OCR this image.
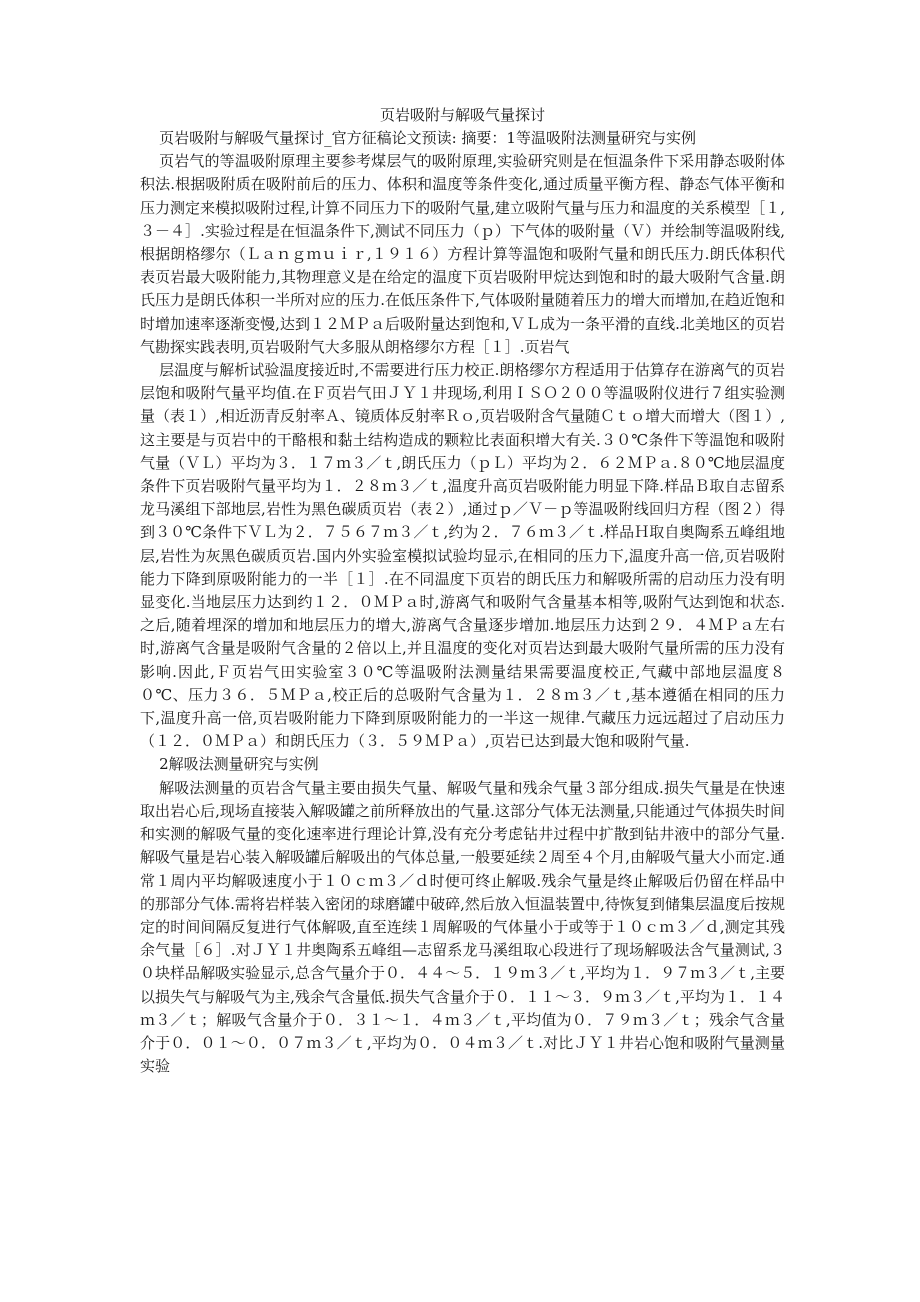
页岩吸附与解吸气量探讨

页岩吸附与解吸气量探讨_官方征稿论文预读: 摘要：1等温吸附法测量研究与实例

页岩气的等温吸附原理主要参考煤层气的吸附原理,实验研究则是在恒温条件下采用静态吸附体积法.根据吸附质在吸附前后的压力、体积和温度等条件变化,通过质量平衡方程、静态气体平衡和压力测定来模拟吸附过程,计算不同压力下的吸附气量,建立吸附气量与压力和温度的关系模型［１,３－４］.实验过程是在恒温条件下,测试不同压力（ｐ）下气体的吸附量（Ｖ）并绘制等温吸附线,根据朗格缪尔（Ｌａｎｇｍｕｉｒ,１９１６）方程计算等温饱和吸附气量和朗氏压力.朗氏体积代表页岩最大吸附能力,其物理意义是在给定的温度下页岩吸附甲烷达到饱和时的最大吸附气含量.朗氏压力是朗氏体积一半所对应的压力.在低压条件下,气体吸附量随着压力的增大而增加,在趋近饱和时增加速率逐渐变慢,达到１２ＭＰａ后吸附量达到饱和,ＶＬ成为一条平滑的直线.北美地区的页岩气勘探实践表明,页岩吸附气大多服从朗格缪尔方程［１］.页岩气

层温度与解析试验温度接近时,不需要进行压力校正.朗格缪尔方程适用于估算存在游离气的页岩层饱和吸附气量平均值.在Ｆ页岩气田ＪＹ１井现场,利用ＩＳＯ２００等温吸附仪进行７组实验测量（表１）,相近沥青反射率Ａ、镜质体反射率Ｒｏ,页岩吸附含气量随Ｃｔｏ增大而增大（图１）,这主要是与页岩中的干酪根和黏土结构造成的颗粒比表面积增大有关.３０℃条件下等温饱和吸附气量（ＶＬ）平均为３．１７ｍ３／ｔ,朗氏压力（ｐＬ）平均为２．６２ＭＰａ.８０℃地层温度条件下页岩吸附气量平均为１．２８ｍ３／ｔ,温度升高页岩吸附能力明显下降.样品Ｂ取自志留系龙马溪组下部地层,岩性为黑色碳质页岩（表２）,通过ｐ／Ｖ－ｐ等温吸附线回归方程（图２）得到３０℃条件下ＶＬ为２．７５６７ｍ３／ｔ,约为２．７６ｍ３／ｔ.样品Ｈ取自奥陶系五峰组地层,岩性为灰黑色碳质页岩.国内外实验室模拟试验均显示,在相同的压力下,温度升高一倍,页岩吸附能力下降到原吸附能力的一半［１］.在不同温度下页岩的朗氏压力和解吸所需的启动压力没有明显变化.当地层压力达到约１２．０ＭＰａ时,游离气和吸附气含量基本相等,吸附气达到饱和状态.之后,随着埋深的增加和地层压力的增大,游离气含量逐步增加.地层压力达到２９．４ＭＰａ左右时,游离气含量是吸附气含量的２倍以上,并且温度的变化对页岩达到最大吸附气量所需的压力没有影响.因此,Ｆ页岩气田实验室３０℃等温吸附法测量结果需要温度校正,气藏中部地层温度８０℃、压力３６．５ＭＰａ,校正后的总吸附气含量为１．２８ｍ３／ｔ,基本遵循在相同的压力下,温度升高一倍,页岩吸附能力下降到原吸附能力的一半这一规律.气藏压力远远超过了启动压力（１２．０ＭＰａ）和朗氏压力（３．５９ＭＰａ）,页岩已达到最大饱和吸附气量.

2解吸法测量研究与实例

解吸法测量的页岩含气量主要由损失气量、解吸气量和残余气量３部分组成.损失气量是在快速取出岩心后,现场直接装入解吸罐之前所释放出的气量.这部分气体无法测量,只能通过气体损失时间和实测的解吸气量的变化速率进行理论计算,没有充分考虑钻井过程中扩散到钻井液中的部分气量.解吸气量是岩心装入解吸罐后解吸出的气体总量,一般要延续２周至４个月,由解吸气量大小而定.通常１周内平均解吸速度小于１０ｃｍ３／ｄ时便可终止解吸.残余气量是终止解吸后仍留在样品中的那部分气体.需将岩样装入密闭的球磨罐中破碎,然后放入恒温装置中,待恢复到储集层温度后按规定的时间间隔反复进行气体解吸,直至连续１周解吸的气体量小于或等于１０ｃｍ３／ｄ,测定其残余气量［６］.对ＪＹ１井奥陶系五峰组—志留系龙马溪组取心段进行了现场解吸法含气量测试,３０块样品解吸实验显示,总含气量介于０．４４～５．１９ｍ３／ｔ,平均为１．９７ｍ３／ｔ,主要以损失气与解吸气为主,残余气含量低.损失气含量介于０．１１～３．９ｍ３／ｔ,平均为１．１４ｍ３／ｔ；解吸气含量介于０．３１～１．４ｍ３／ｔ,平均值为０．７９ｍ３／ｔ；残余气含量介于０．０１～０．０７ｍ３／ｔ,平均为０．０４ｍ３／ｔ.对比ＪＹ１井岩心饱和吸附气量测量实验
